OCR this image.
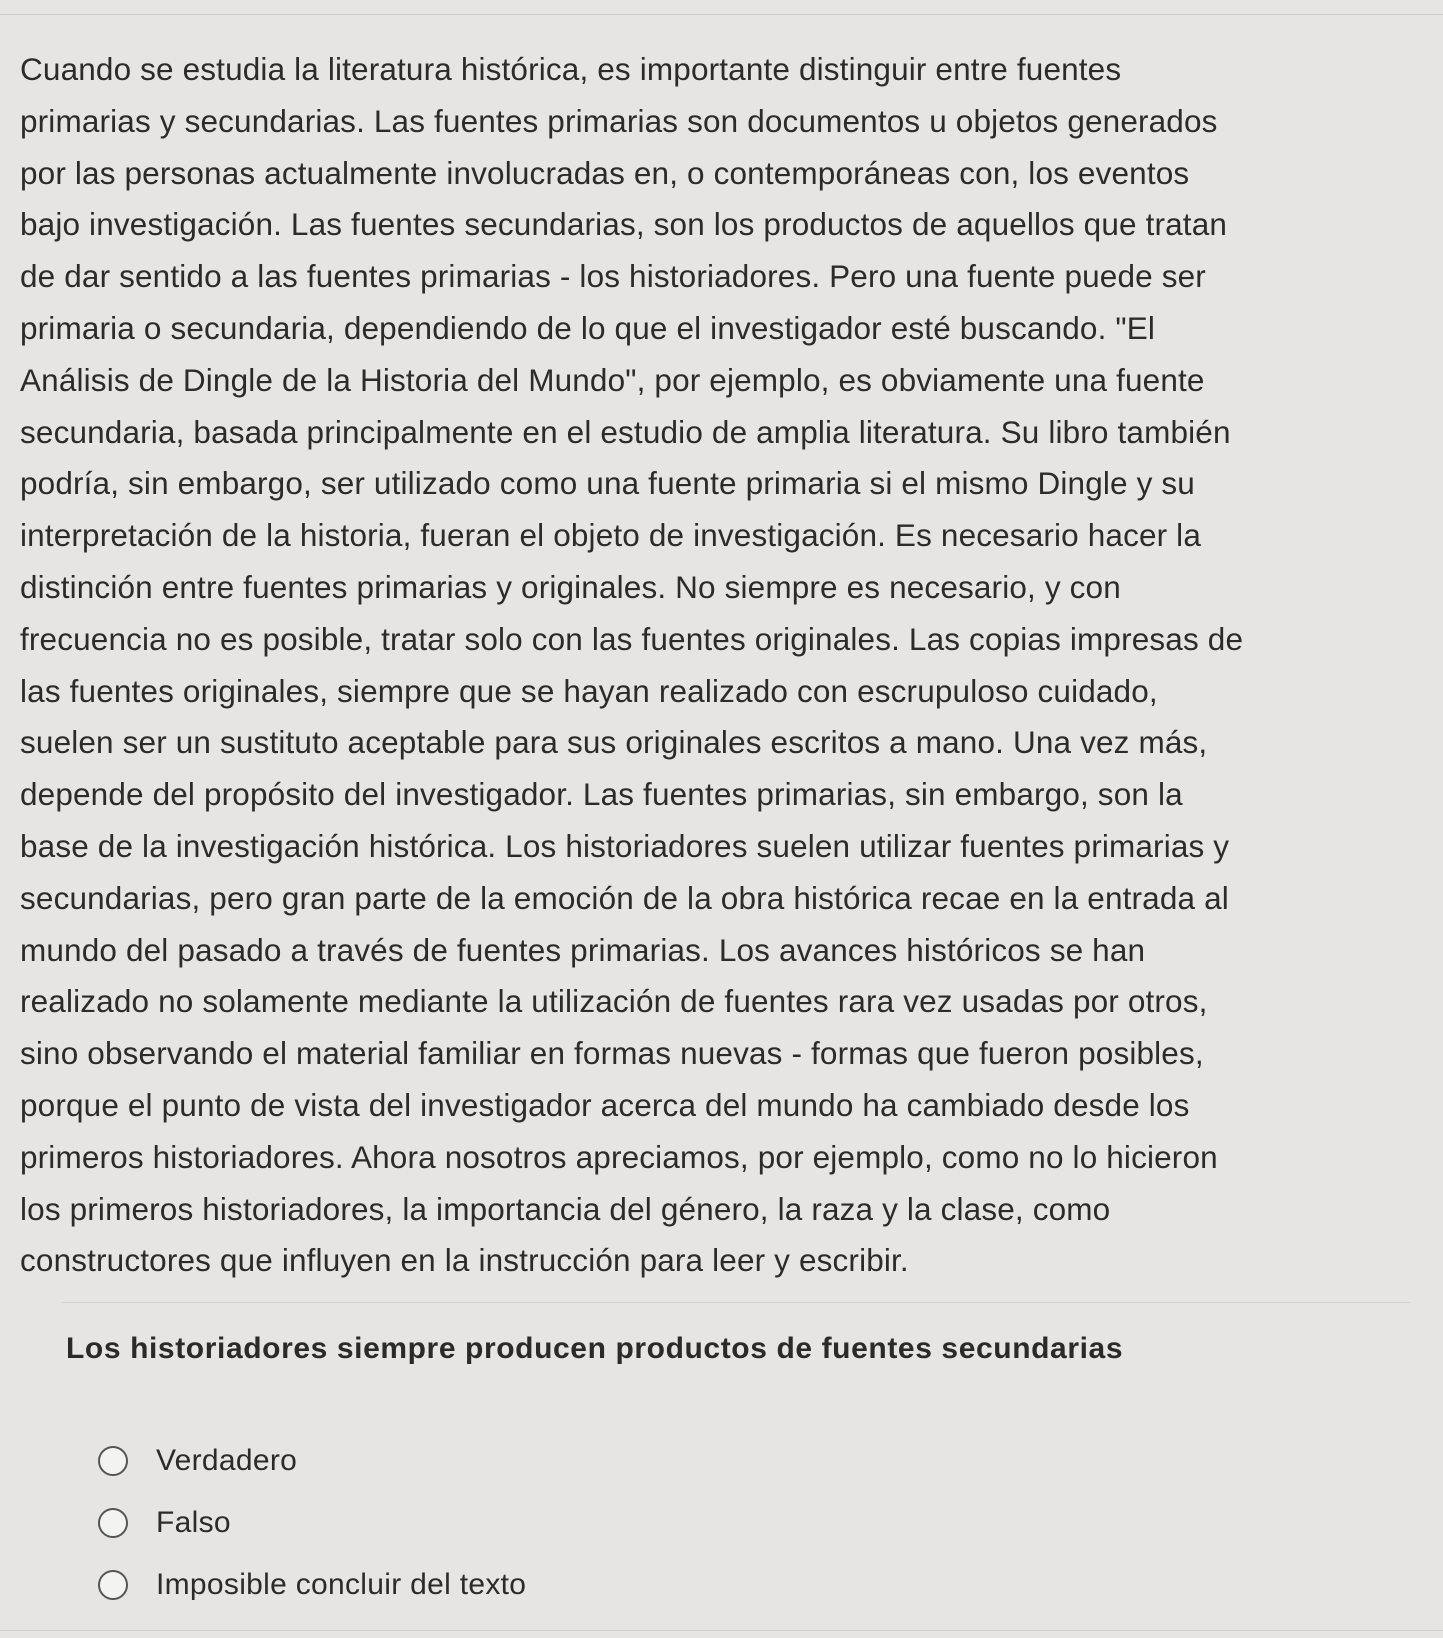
Cuando se estudia la literatura histórica, es importante distinguir entre fuentes
primarias y secundarias. Las fuentes primarias son documentos u objetos generados
por las personas actualmente involucradas en, o contemporáneas con, los eventos
bajo investigación. Las fuentes secundarias, son los productos de aquellos que tratan
de dar sentido a las fuentes primarias - los historiadores. Pero una fuente puede ser
primaria o secundaria, dependiendo de lo que el investigador esté buscando. "El
Análisis de Dingle de la Historia del Mundo", por ejemplo, es obviamente una fuente
secundaria, basada principalmente en el estudio de amplia literatura. Su libro también
podría, sin embargo, ser utilizado como una fuente primaria si el mismo Dingle y su
interpretación de la historia, fueran el objeto de investigación. Es necesario hacer la
distinción entre fuentes primarias y originales. No siempre es necesario, y con
frecuencia no es posible, tratar solo con las fuentes originales. Las copias impresas de
las fuentes originales, siempre que se hayan realizado con escrupuloso cuidado,
suelen ser un sustituto aceptable para sus originales escritos a mano. Una vez más,
depende del propósito del investigador. Las fuentes primarias, sin embargo, son la
base de la investigación histórica. Los historiadores suelen utilizar fuentes primarias y
secundarias, pero gran parte de la emoción de la obra histórica recae en la entrada al
mundo del pasado a través de fuentes primarias. Los avances históricos se han
realizado no solamente mediante la utilización de fuentes rara vez usadas por otros,
sino observando el material familiar en formas nuevas - formas que fueron posibles,
porque el punto de vista del investigador acerca del mundo ha cambiado desde los
primeros historiadores. Ahora nosotros apreciamos, por ejemplo, como no lo hicieron
los primeros historiadores, la importancia del género, la raza y la clase, como
constructores que influyen en la instrucción para leer y escribir.
Los historiadores siempre producen productos de fuentes secundarias
Verdadero
Falso
Imposible concluir del texto
